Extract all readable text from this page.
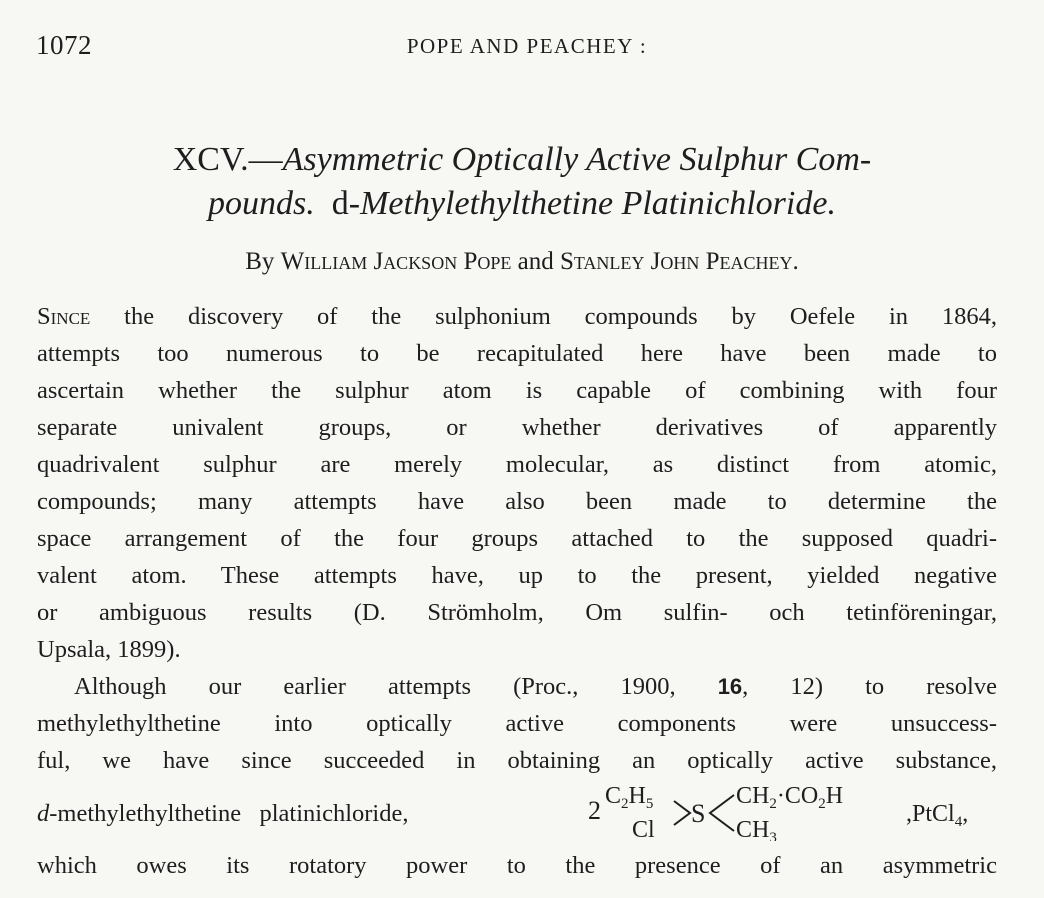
1072	POPE AND PEACHEY :
XCV.—Asymmetric Optically Active Sulphur Com-
pounds. d-Methylethylthetine Platinichloride.
By William Jackson Pope and Stanley John Peachey.

Since the discovery of the sulphonium compounds by Oefele in 1864,

attempts too numerous to be recapitulated here have been made to

ascertain whether the sulphur atom is capable of combining with four

separate univalent groups, or whether derivatives of apparently

quadrivalent sulphur are merely molecular, as distinct from atomic,

compounds; many attempts have also been made to determine the

space arrangement of the four groups attached to the supposed quadri-

valent atom. These attempts have, up to the present, yielded negative

or ambiguous results (D. Strömholm, Om sulfin- och tetinföreningar,

Upsala, 1899).

Although our earlier attempts (Proc., 1900, 16, 12) to resolve

methylethylthetine into optically active components were unsuccess-

ful, we have since succeeded in obtaining an optically active substance,

d-methylethylthetine   platinichloride,	2 $C_2H_5$
Cl
S
$CH_2\cdot CO_2H$
$CH_3$
,PtCl$_4$,
which owes its rotatory power to the presence of an asymmetric
